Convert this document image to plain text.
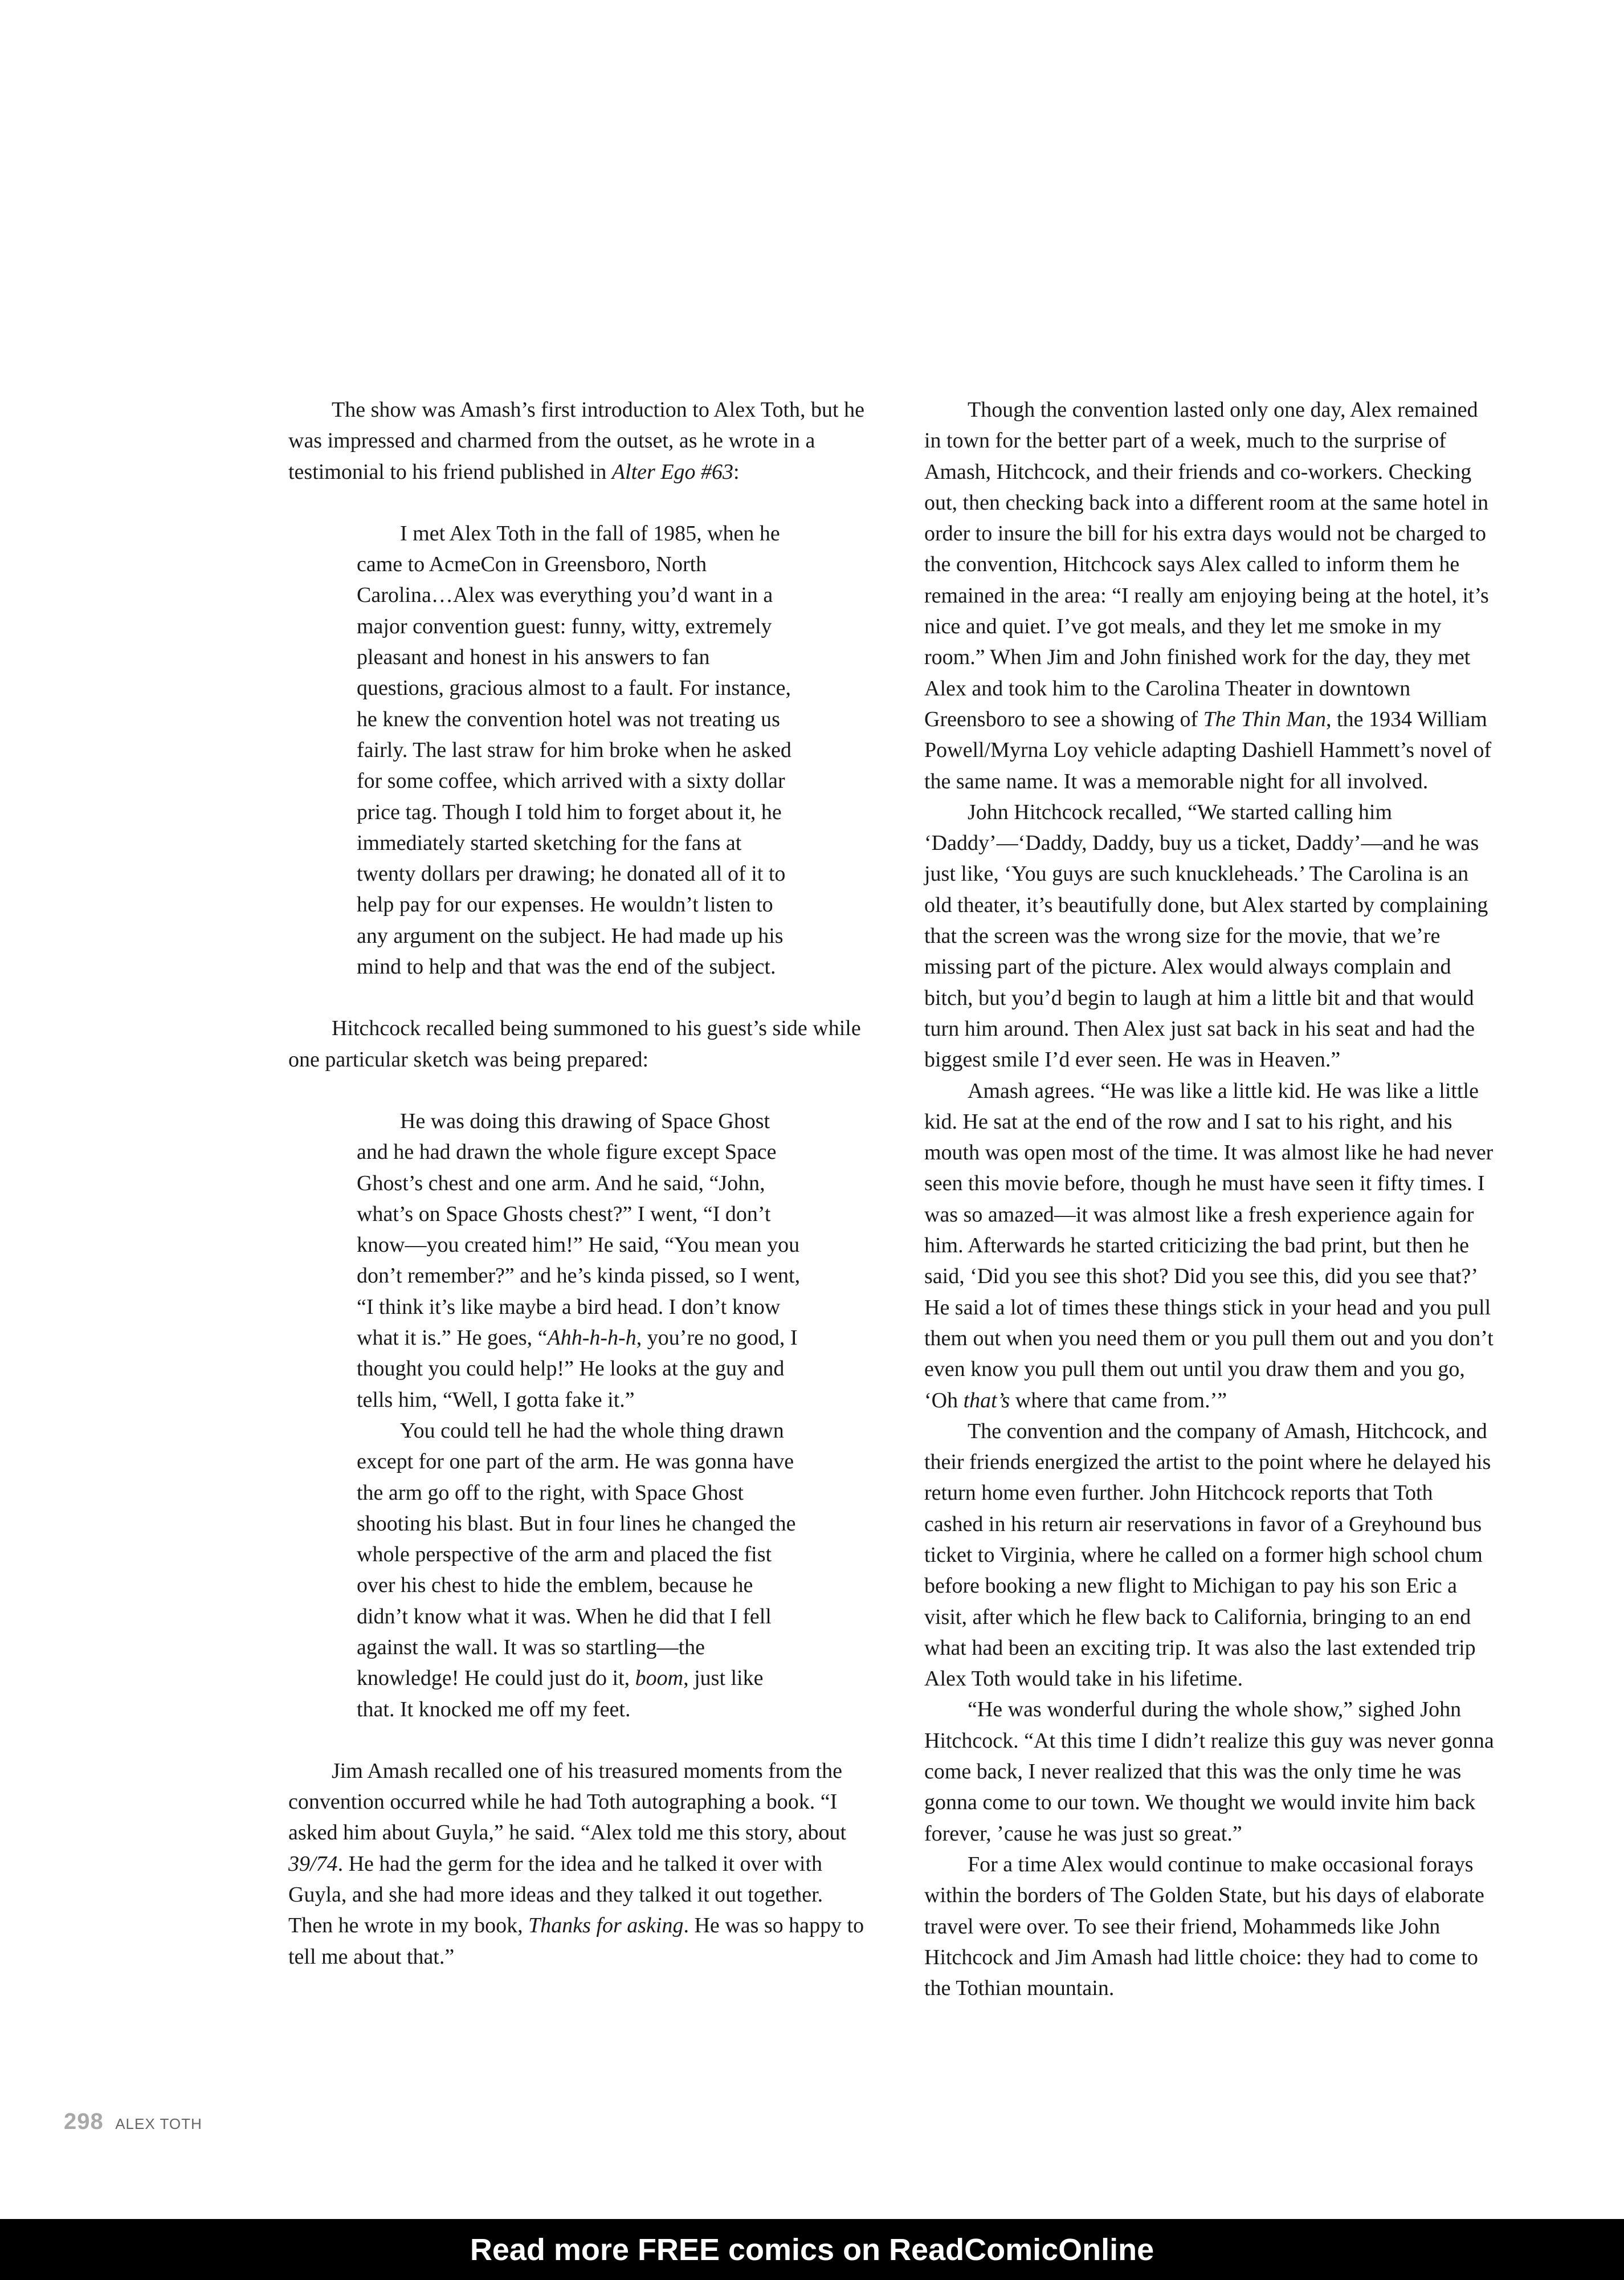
The show was Amash’s first introduction to Alex Toth, but he was impressed and charmed from the outset, as he wrote in a testimonial to his friend published in Alter Ego #63:

I met Alex Toth in the fall of 1985, when he came to AcmeCon in Greensboro, North Carolina…Alex was everything you’d want in a major convention guest: funny, witty, extremely pleasant and honest in his answers to fan questions, gracious almost to a fault. For instance, he knew the convention hotel was not treating us fairly. The last straw for him broke when he asked for some coffee, which arrived with a sixty dollar price tag. Though I told him to forget about it, he immediately started sketching for the fans at twenty dollars per drawing; he donated all of it to help pay for our expenses. He wouldn’t listen to any argument on the subject. He had made up his mind to help and that was the end of the subject.

Hitchcock recalled being summoned to his guest’s side while one particular sketch was being prepared:

He was doing this drawing of Space Ghost and he had drawn the whole figure except Space Ghost’s chest and one arm. And he said, “John, what’s on Space Ghosts chest?” I went, “I don’t know—you created him!” He said, “You mean you don’t remember?” and he’s kinda pissed, so I went, “I think it’s like maybe a bird head. I don’t know what it is.” He goes, “Ahh-h-h-h, you’re no good, I thought you could help!” He looks at the guy and tells him, “Well, I gotta fake it.”

You could tell he had the whole thing drawn except for one part of the arm. He was gonna have the arm go off to the right, with Space Ghost shooting his blast. But in four lines he changed the whole perspective of the arm and placed the fist over his chest to hide the emblem, because he didn’t know what it was. When he did that I fell against the wall. It was so startling—the knowledge! He could just do it, boom, just like that. It knocked me off my feet.

Jim Amash recalled one of his treasured moments from the convention occurred while he had Toth autographing a book. “I asked him about Guyla,” he said. “Alex told me this story, about 39/74. He had the germ for the idea and he talked it over with Guyla, and she had more ideas and they talked it out together. Then he wrote in my book, Thanks for asking. He was so happy to tell me about that.”

Though the convention lasted only one day, Alex remained in town for the better part of a week, much to the surprise of Amash, Hitchcock, and their friends and co-workers. Checking out, then checking back into a different room at the same hotel in order to insure the bill for his extra days would not be charged to the convention, Hitchcock says Alex called to inform them he remained in the area: “I really am enjoying being at the hotel, it’s nice and quiet. I’ve got meals, and they let me smoke in my room.” When Jim and John finished work for the day, they met Alex and took him to the Carolina Theater in downtown Greensboro to see a showing of The Thin Man, the 1934 William Powell/Myrna Loy vehicle adapting Dashiell Hammett’s novel of the same name. It was a memorable night for all involved.

John Hitchcock recalled, “We started calling him ‘Daddy’—‘Daddy, Daddy, buy us a ticket, Daddy’—and he was just like, ‘You guys are such knuckleheads.’ The Carolina is an old theater, it’s beautifully done, but Alex started by complaining that the screen was the wrong size for the movie, that we’re missing part of the picture. Alex would always complain and bitch, but you’d begin to laugh at him a little bit and that would turn him around. Then Alex just sat back in his seat and had the biggest smile I’d ever seen. He was in Heaven.”

Amash agrees. “He was like a little kid. He was like a little kid. He sat at the end of the row and I sat to his right, and his mouth was open most of the time. It was almost like he had never seen this movie before, though he must have seen it fifty times. I was so amazed—it was almost like a fresh experience again for him. Afterwards he started criticizing the bad print, but then he said, ‘Did you see this shot? Did you see this, did you see that?’ He said a lot of times these things stick in your head and you pull them out when you need them or you pull them out and you don’t even know you pull them out until you draw them and you go, ‘Oh that’s where that came from.’”

The convention and the company of Amash, Hitchcock, and their friends energized the artist to the point where he delayed his return home even further. John Hitchcock reports that Toth cashed in his return air reservations in favor of a Greyhound bus ticket to Virginia, where he called on a former high school chum before booking a new flight to Michigan to pay his son Eric a visit, after which he flew back to California, bringing to an end what had been an exciting trip. It was also the last extended trip Alex Toth would take in his lifetime.

“He was wonderful during the whole show,” sighed John Hitchcock. “At this time I didn’t realize this guy was never gonna come back, I never realized that this was the only time he was gonna come to our town. We thought we would invite him back forever, ’cause he was just so great.”

For a time Alex would continue to make occasional forays within the borders of The Golden State, but his days of elaborate travel were over. To see their friend, Mohammeds like John Hitchcock and Jim Amash had little choice: they had to come to the Tothian mountain.

298 ALEX TOTH
Read more FREE comics on ReadComicOnline
